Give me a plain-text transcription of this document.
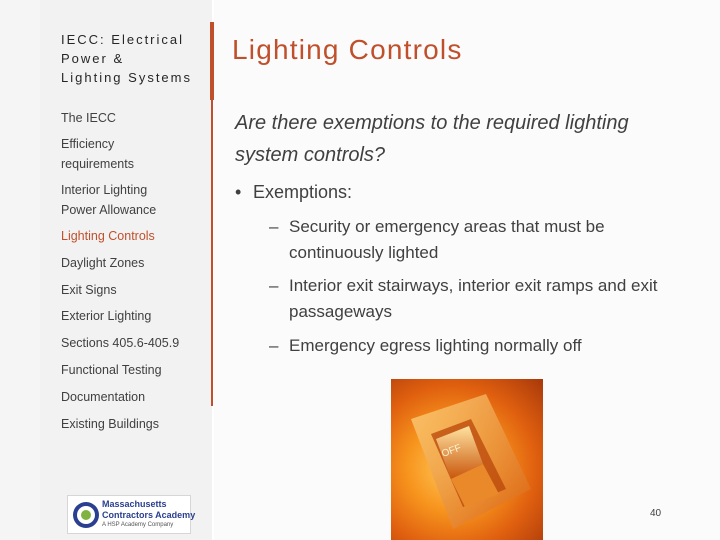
IECC: Electrical
Power &
Lighting Systems
The IECC
Efficiency requirements
Interior Lighting Power Allowance
Lighting Controls
Daylight Zones
Exit Signs
Exterior Lighting
Sections 405.6-405.9
Functional Testing
Documentation
Existing Buildings
Lighting Controls
Are there exemptions to the required lighting system controls?
• Exemptions:
– Security or emergency areas that must be continuously lighted
– Interior exit stairways, interior exit ramps and exit passageways
– Emergency egress lighting normally off
OFF
Massachusetts
Contractors Academy
A HSP Academy Company
40
